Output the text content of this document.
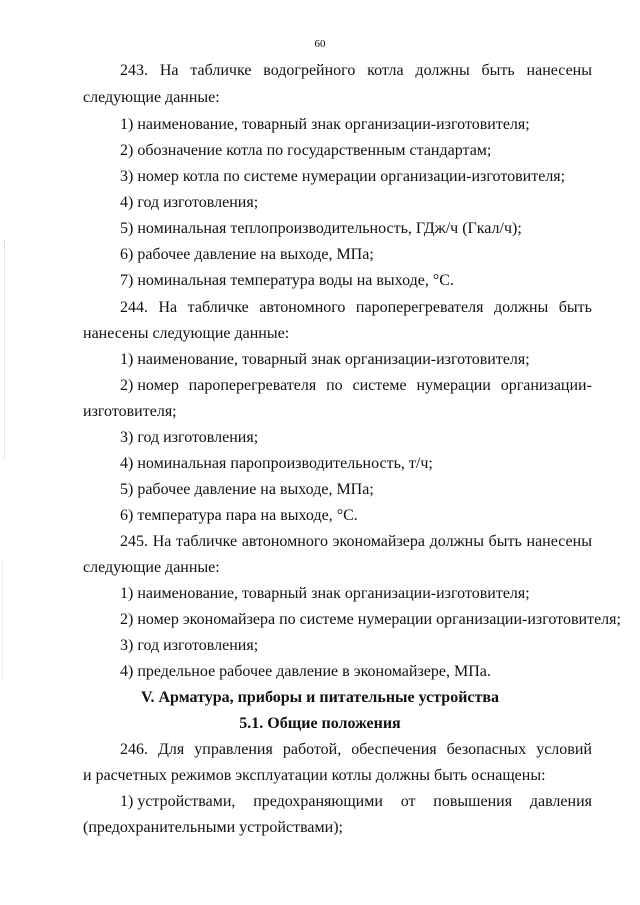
60
243. На табличке водогрейного котла должны быть нанесены
следующие данные:
1) наименование, товарный знак организации-изготовителя;
2) обозначение котла по государственным стандартам;
3) номер котла по системе нумерации организации-изготовителя;
4) год изготовления;
5) номинальная теплопроизводительность, ГДж/ч (Гкал/ч);
6) рабочее давление на выходе, МПа;
7) номинальная температура воды на выходе, °С.
244. На табличке автономного пароперегревателя должны быть
нанесены следующие данные:
1) наименование, товарный знак организации-изготовителя;
2) номер пароперегревателя по системе нумерации организации-
изготовителя;
3) год изготовления;
4) номинальная паропроизводительность, т/ч;
5) рабочее давление на выходе, МПа;
6) температура пара на выходе, °С.
245. На табличке автономного экономайзера должны быть нанесены
следующие данные:
1) наименование, товарный знак организации-изготовителя;
2) номер экономайзера по системе нумерации организации-изготовителя;
3) год изготовления;
4) предельное рабочее давление в экономайзере, МПа.
V. Арматура, приборы и питательные устройства
5.1. Общие положения
246. Для управления работой, обеспечения безопасных условий
и расчетных режимов эксплуатации котлы должны быть оснащены:
1) устройствами, предохраняющими от повышения давления
(предохранительными устройствами);
